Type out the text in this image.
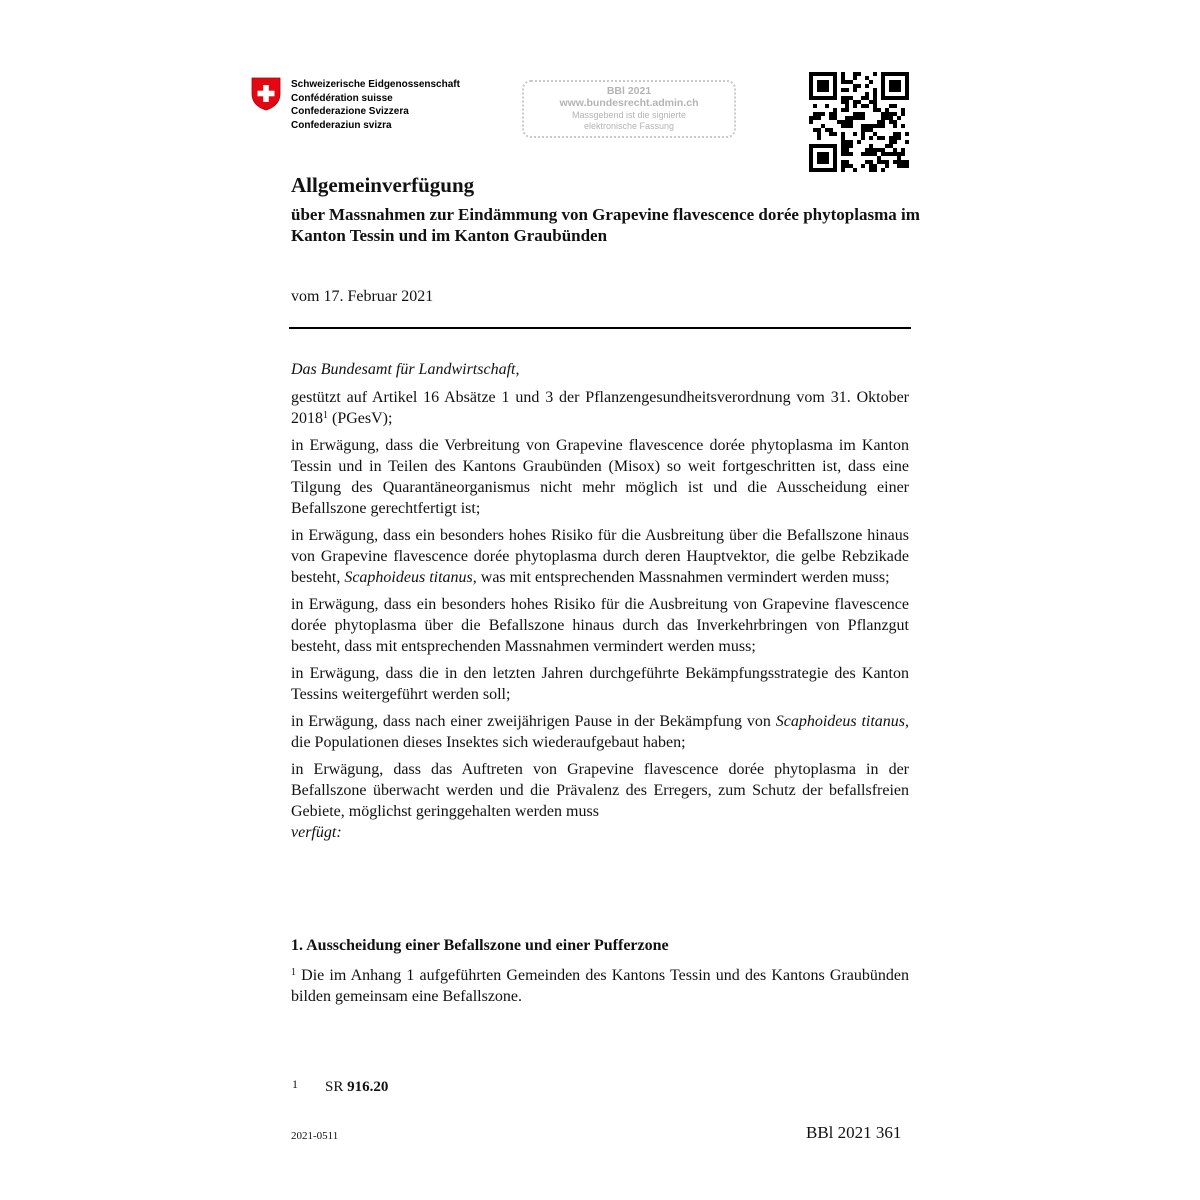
Schweizerische Eidgenossenschaft
Confédération suisse
Confederazione Svizzera
Confederaziun svizra
BBl 2021
www.bundesrecht.admin.ch
Massgebend ist die signierte
elektronische Fassung
Allgemeinverfügung
über Massnahmen zur Eindämmung von Grapevine flavescence dorée phytoplasma im Kanton Tessin und im Kanton Graubünden
vom 17. Februar 2021

Das Bundesamt für Landwirtschaft,

gestützt auf Artikel 16 Absätze 1 und 3 der Pflanzengesundheitsverordnung vom 31. Oktober 2018$^1$ (PGesV);

in Erwägung, dass die Verbreitung von Grapevine flavescence dorée phytoplasma im Kanton Tessin und in Teilen des Kantons Graubünden (Misox) so weit fortgeschritten ist, dass eine Tilgung des Quarantäneorganismus nicht mehr möglich ist und die Ausscheidung einer Befallszone gerechtfertigt ist;

in Erwägung, dass ein besonders hohes Risiko für die Ausbreitung über die Befallszone hinaus von Grapevine flavescence dorée phytoplasma durch deren Hauptvektor, die gelbe Rebzikade besteht, Scaphoideus titanus, was mit entsprechenden Massnahmen vermindert werden muss;

in Erwägung, dass ein besonders hohes Risiko für die Ausbreitung von Grapevine flavescence dorée phytoplasma über die Befallszone hinaus durch das Inverkehrbringen von Pflanzgut besteht, dass mit entsprechenden Massnahmen vermindert werden muss;

in Erwägung, dass die in den letzten Jahren durchgeführte Bekämpfungsstrategie des Kanton Tessins weitergeführt werden soll;

in Erwägung, dass nach einer zweijährigen Pause in der Bekämpfung von Scaphoideus titanus, die Populationen dieses Insektes sich wiederaufgebaut haben;

in Erwägung, dass das Auftreten von Grapevine flavescence dorée phytoplasma in der Befallszone überwacht werden und die Prävalenz des Erregers, zum Schutz der befallsfreien Gebiete, möglichst geringgehalten werden muss

verfügt:

1. Ausscheidung einer Befallszone und einer Pufferzone
$^1$ Die im Anhang 1 aufgeführten Gemeinden des Kantons Tessin und des Kantons Graubünden bilden gemeinsam eine Befallszone.
1 SR 916.20
2021-0511	BBl 2021 361
